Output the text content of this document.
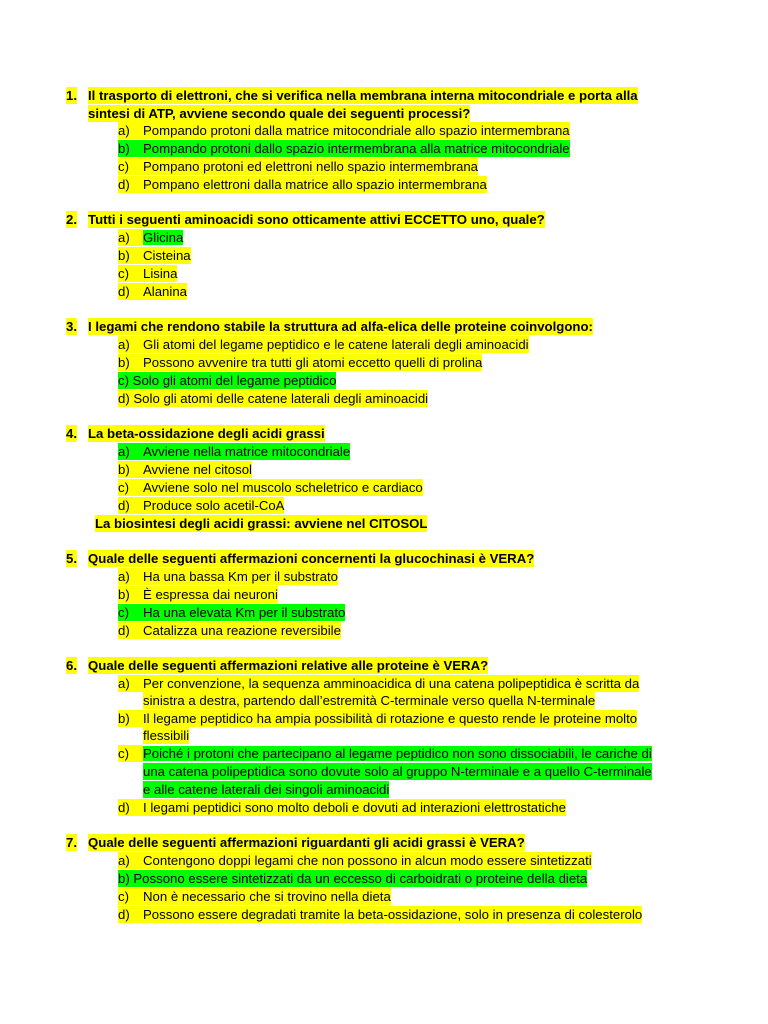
1. Il trasporto di elettroni, che si verifica nella membrana interna mitocondriale e porta alla
sintesi di ATP, avviene secondo quale dei seguenti processi?
a) Pompando protoni dalla matrice mitocondriale allo spazio intermembrana
b) Pompando protoni dallo spazio intermembrana alla matrice mitocondriale
c) Pompano protoni ed elettroni nello spazio intermembrana
d) Pompano elettroni dalla matrice allo spazio intermembrana
2. Tutti i seguenti aminoacidi sono otticamente attivi ECCETTO uno, quale?
a) Glicina
b) Cisteina
c) Lisina
d) Alanina
3. I legami che rendono stabile la struttura ad alfa-elica delle proteine coinvolgono:
a) Gli atomi del legame peptidico e le catene laterali degli aminoacidi
b) Possono avvenire tra tutti gli atomi eccetto quelli di prolina
c) Solo gli atomi del legame peptidico
d) Solo gli atomi delle catene laterali degli aminoacidi
4. La beta-ossidazione degli acidi grassi
a) Avviene nella matrice mitocondriale
b) Avviene nel citosol
c) Avviene solo nel muscolo scheletrico e cardiaco
d) Produce solo acetil-CoA
La biosintesi degli acidi grassi: avviene nel CITOSOL
5. Quale delle seguenti affermazioni concernenti la glucochinasi è VERA?
a) Ha una bassa Km per il substrato
b) È espressa dai neuroni
c) Ha una elevata Km per il substrato
d) Catalizza una reazione reversibile
6. Quale delle seguenti affermazioni relative alle proteine è VERA?
a) Per convenzione, la sequenza amminoacidica di una catena polipeptidica è scritta da
sinistra a destra, partendo dall’estremità C-terminale verso quella N-terminale
b) Il legame peptidico ha ampia possibilità di rotazione e questo rende le proteine molto
flessibili
c) Poiché i protoni che partecipano al legame peptidico non sono dissociabili, le cariche di
una catena polipeptidica sono dovute solo al gruppo N-terminale e a quello C-terminale
e alle catene laterali dei singoli aminoacidi
d) I legami peptidici sono molto deboli e dovuti ad interazioni elettrostatiche
7. Quale delle seguenti affermazioni riguardanti gli acidi grassi è VERA?
a) Contengono doppi legami che non possono in alcun modo essere sintetizzati
b) Possono essere sintetizzati da un eccesso di carboidrati o proteine della dieta
c) Non è necessario che si trovino nella dieta
d) Possono essere degradati tramite la beta-ossidazione, solo in presenza di colesterolo
